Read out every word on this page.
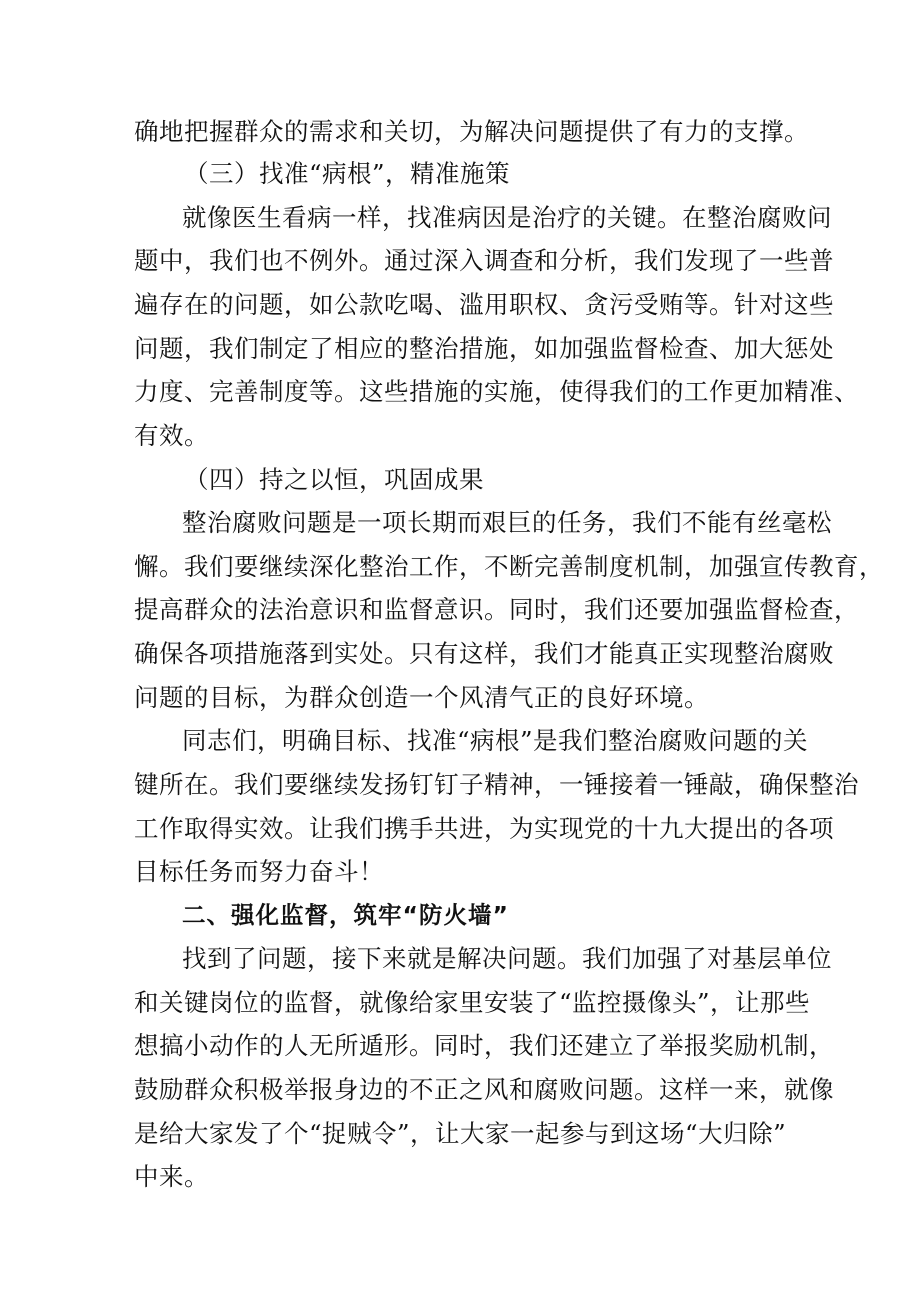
确地把握群众的需求和关切，为解决问题提供了有力的支撑。

（三）找准“病根”，精准施策

就像医生看病一样，找准病因是治疗的关键。在整治腐败问

题中，我们也不例外。通过深入调查和分析，我们发现了一些普

遍存在的问题，如公款吃喝、滥用职权、贪污受贿等。针对这些

问题，我们制定了相应的整治措施，如加强监督检查、加大惩处

力度、完善制度等。这些措施的实施，使得我们的工作更加精准、

有效。

（四）持之以恒，巩固成果

整治腐败问题是一项长期而艰巨的任务，我们不能有丝毫松

懈。我们要继续深化整治工作，不断完善制度机制，加强宣传教育，

提高群众的法治意识和监督意识。同时，我们还要加强监督检查，

确保各项措施落到实处。只有这样，我们才能真正实现整治腐败

问题的目标，为群众创造一个风清气正的良好环境。

同志们，明确目标、找准“病根”是我们整治腐败问题的关

键所在。我们要继续发扬钉钉子精神，一锤接着一锤敲，确保整治

工作取得实效。让我们携手共进，为实现党的十九大提出的各项

目标任务而努力奋斗！

二、强化监督，筑牢“防火墙”

找到了问题，接下来就是解决问题。我们加强了对基层单位

和关键岗位的监督，就像给家里安装了“监控摄像头”，让那些

想搞小动作的人无所遁形。同时，我们还建立了举报奖励机制，

鼓励群众积极举报身边的不正之风和腐败问题。这样一来，就像

是给大家发了个“捉贼令”，让大家一起参与到这场“大归除”

中来。
